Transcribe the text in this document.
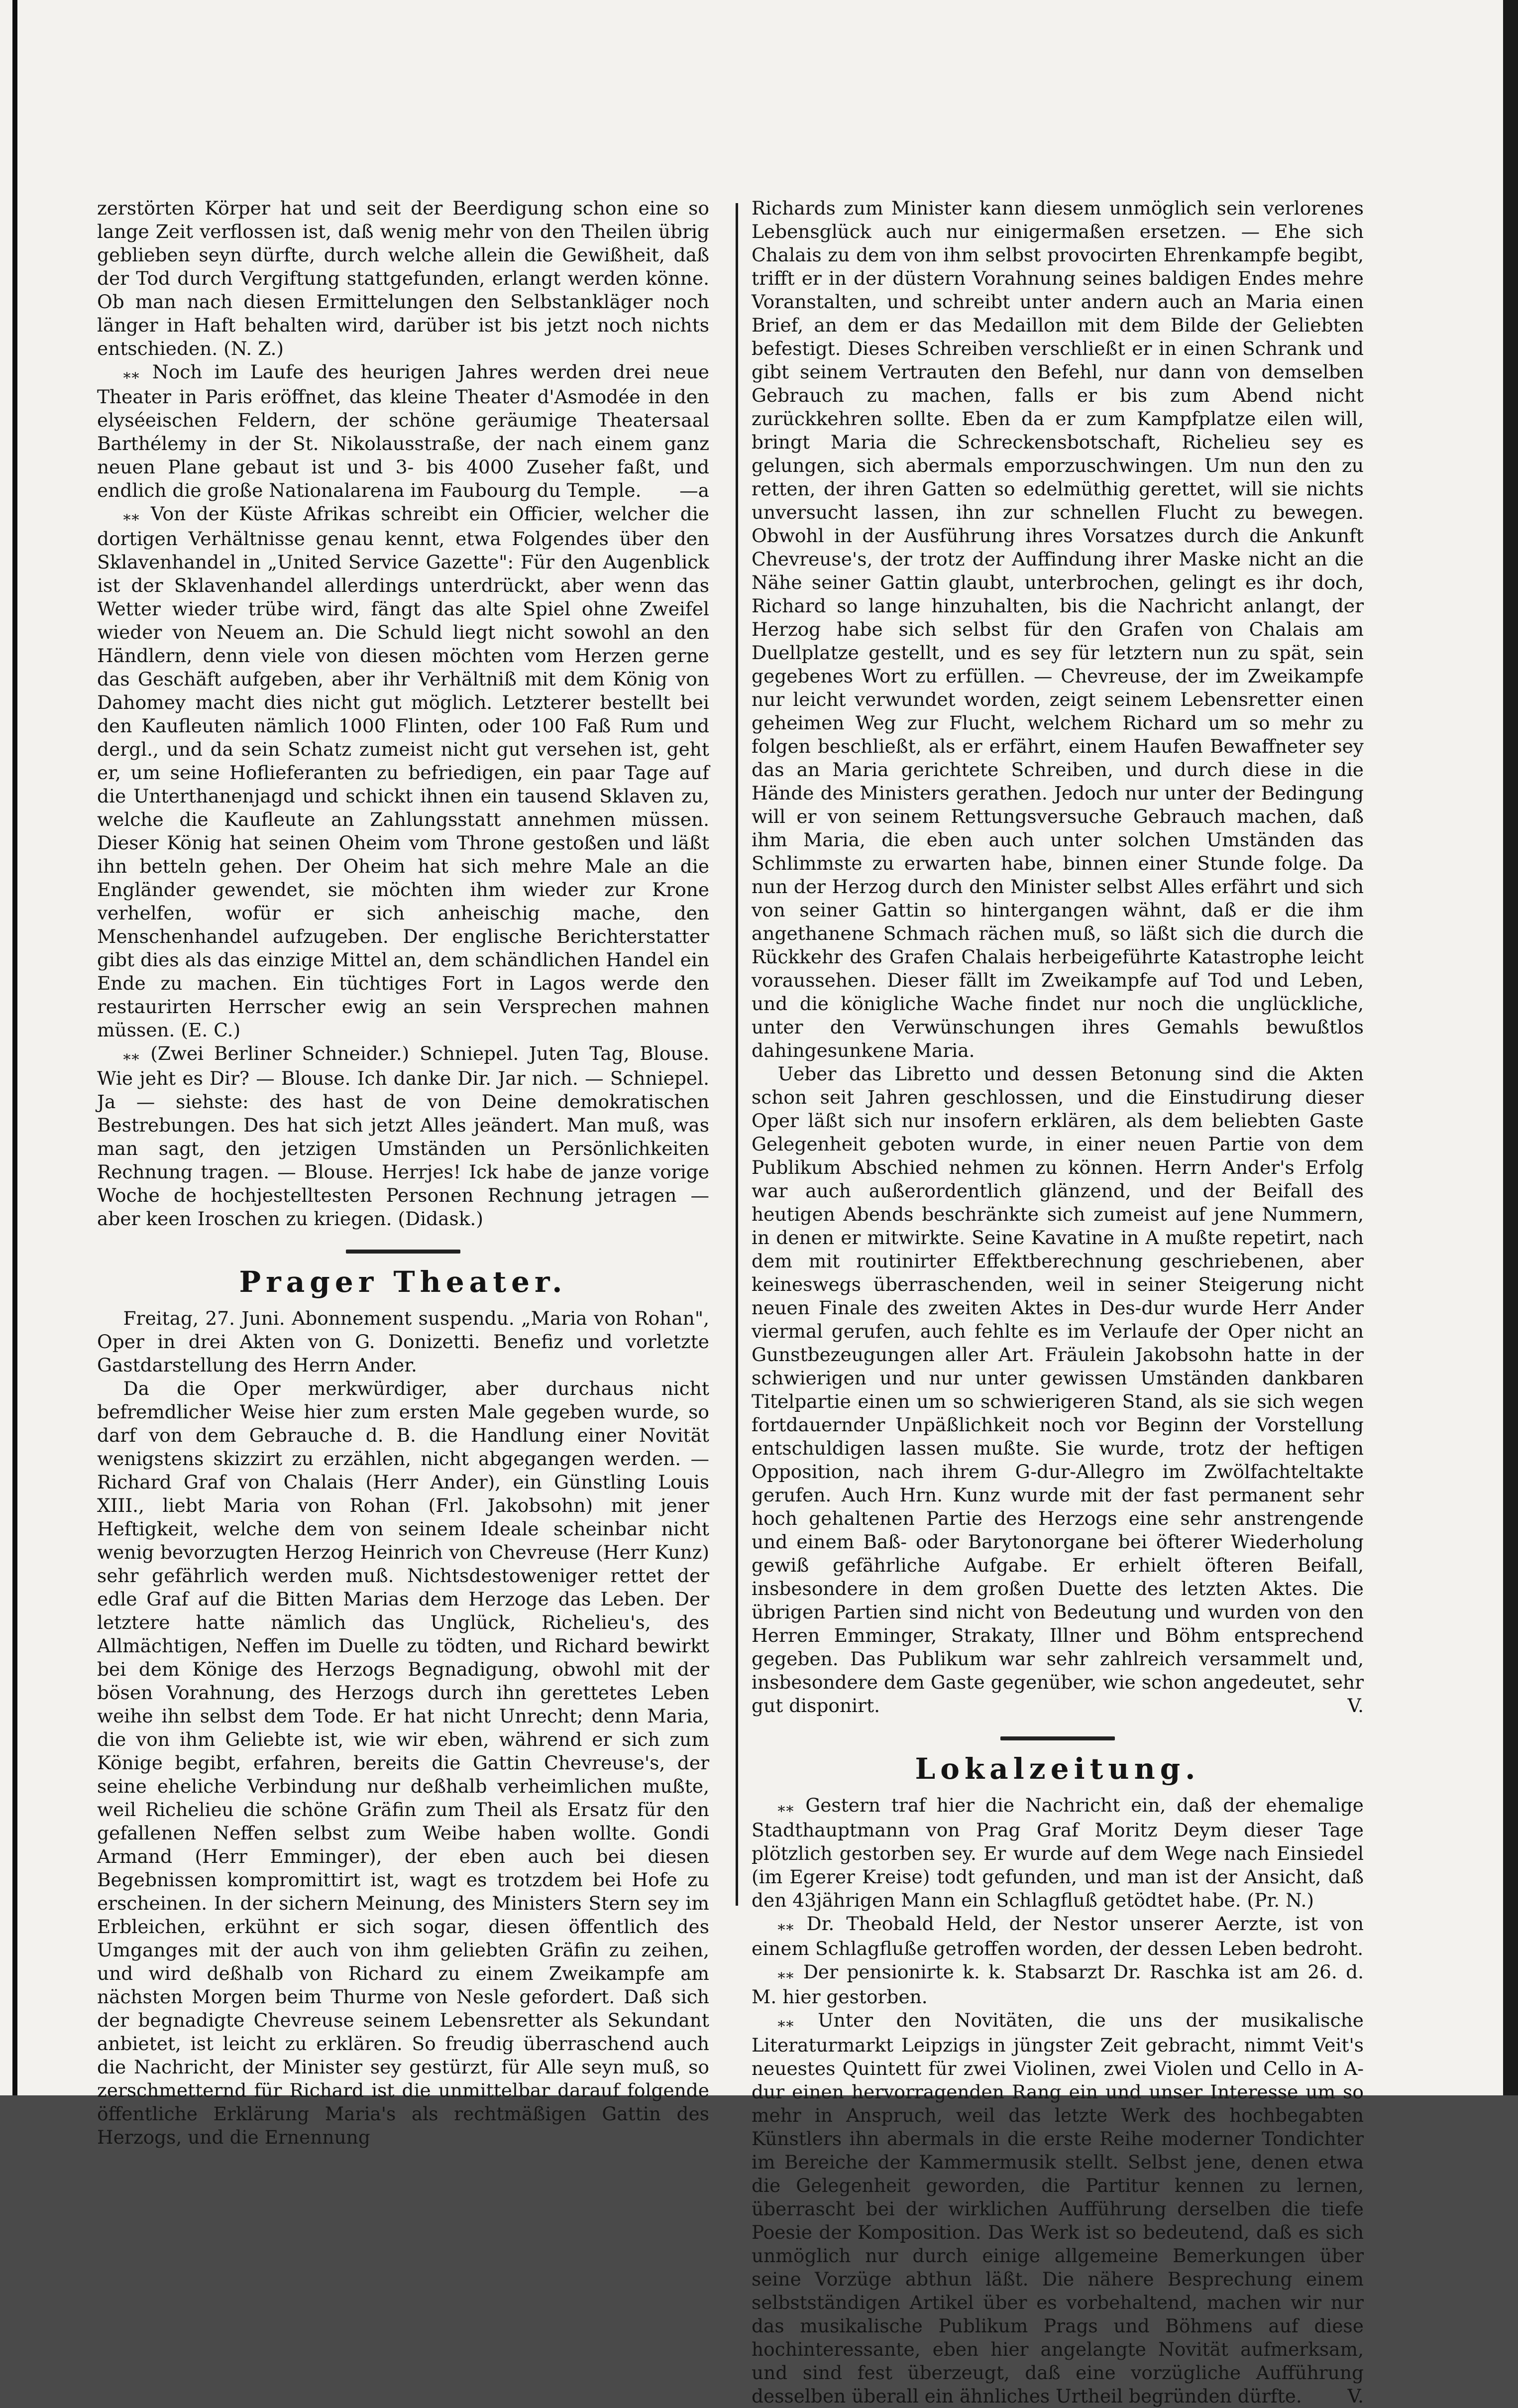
zerstörten Körper hat und seit der Beerdigung schon eine so lange Zeit verflossen ist, daß wenig mehr von den Theilen übrig geblieben seyn dürfte, durch welche allein die Gewißheit, daß der Tod durch Vergiftung stattgefunden, erlangt werden könne. Ob man nach diesen Ermittelungen den Selbstankläger noch länger in Haft behalten wird, darüber ist bis jetzt noch nichts entschieden. (N. Z.)

⁎⁎ Noch im Laufe des heurigen Jahres werden drei neue Theater in Paris eröffnet, das kleine Theater d'Asmodée in den elyséeischen Feldern, der schöne geräumige Theatersaal Barthélemy in der St. Nikolausstraße, der nach einem ganz neuen Plane gebaut ist und 3- bis 4000 Zuseher faßt, und endlich die große Nationalarena im Faubourg du Temple.	—a

⁎⁎ Von der Küste Afrikas schreibt ein Officier, welcher die dortigen Verhältnisse genau kennt, etwa Folgendes über den Sklavenhandel in „United Service Gazette": Für den Augenblick ist der Sklavenhandel allerdings unterdrückt, aber wenn das Wetter wieder trübe wird, fängt das alte Spiel ohne Zweifel wieder von Neuem an. Die Schuld liegt nicht sowohl an den Händlern, denn viele von diesen möchten vom Herzen gerne das Geschäft aufgeben, aber ihr Verhältniß mit dem König von Dahomey macht dies nicht gut möglich. Letzterer bestellt bei den Kaufleuten nämlich 1000 Flinten, oder 100 Faß Rum und dergl., und da sein Schatz zumeist nicht gut versehen ist, geht er, um seine Hoflieferanten zu befriedigen, ein paar Tage auf die Unterthanenjagd und schickt ihnen ein tausend Sklaven zu, welche die Kaufleute an Zahlungsstatt annehmen müssen. Dieser König hat seinen Oheim vom Throne gestoßen und läßt ihn betteln gehen. Der Oheim hat sich mehre Male an die Engländer gewendet, sie möchten ihm wieder zur Krone verhelfen, wofür er sich anheischig mache, den Menschenhandel aufzugeben. Der englische Berichterstatter gibt dies als das einzige Mittel an, dem schändlichen Handel ein Ende zu machen. Ein tüchtiges Fort in Lagos werde den restaurirten Herrscher ewig an sein Versprechen mahnen müssen. (E. C.)

⁎⁎ (Zwei Berliner Schneider.) Schniepel. Juten Tag, Blouse. Wie jeht es Dir? — Blouse. Ich danke Dir. Jar nich. — Schniepel. Ja — siehste: des hast de von Deine demokratischen Bestrebungen. Des hat sich jetzt Alles jeändert. Man muß, was man sagt, den jetzigen Umständen un Persönlichkeiten Rechnung tragen. — Blouse. Herrjes! Ick habe de janze vorige Woche de hochjestelltesten Personen Rechnung jetragen — aber keen Iroschen zu kriegen. (Didask.)

Prager Theater.

Freitag, 27. Juni. Abonnement suspendu. „Maria von Rohan", Oper in drei Akten von G. Donizetti. Benefiz und vorletzte Gastdarstellung des Herrn Ander.

Da die Oper merkwürdiger, aber durchaus nicht befremdlicher Weise hier zum ersten Male gegeben wurde, so darf von dem Gebrauche d. B. die Handlung einer Novität wenigstens skizzirt zu erzählen, nicht abgegangen werden. — Richard Graf von Chalais (Herr Ander), ein Günstling Louis XIII., liebt Maria von Rohan (Frl. Jakobsohn) mit jener Heftigkeit, welche dem von seinem Ideale scheinbar nicht wenig bevorzugten Herzog Heinrich von Chevreuse (Herr Kunz) sehr gefährlich werden muß. Nichtsdestoweniger rettet der edle Graf auf die Bitten Marias dem Herzoge das Leben. Der letztere hatte nämlich das Unglück, Richelieu's, des Allmächtigen, Neffen im Duelle zu tödten, und Richard bewirkt bei dem Könige des Herzogs Begnadigung, obwohl mit der bösen Vorahnung, des Herzogs durch ihn gerettetes Leben weihe ihn selbst dem Tode. Er hat nicht Unrecht; denn Maria, die von ihm Geliebte ist, wie wir eben, während er sich zum Könige begibt, erfahren, bereits die Gattin Chevreuse's, der seine eheliche Verbindung nur deßhalb verheimlichen mußte, weil Richelieu die schöne Gräfin zum Theil als Ersatz für den gefallenen Neffen selbst zum Weibe haben wollte. Gondi Armand (Herr Emminger), der eben auch bei diesen Begebnissen kompromittirt ist, wagt es trotzdem bei Hofe zu erscheinen. In der sichern Meinung, des Ministers Stern sey im Erbleichen, erkühnt er sich sogar, diesen öffentlich des Umganges mit der auch von ihm geliebten Gräfin zu zeihen, und wird deßhalb von Richard zu einem Zweikampfe am nächsten Morgen beim Thurme von Nesle gefordert. Daß sich der begnadigte Chevreuse seinem Lebensretter als Sekundant anbietet, ist leicht zu erklären. So freudig überraschend auch die Nachricht, der Minister sey gestürzt, für Alle seyn muß, so zerschmetternd für Richard ist die unmittelbar darauf folgende öffentliche Erklärung Maria's als rechtmäßigen Gattin des Herzogs, und die Ernennung

Richards zum Minister kann diesem unmöglich sein verlorenes Lebensglück auch nur einigermaßen ersetzen. — Ehe sich Chalais zu dem von ihm selbst provocirten Ehrenkampfe begibt, trifft er in der düstern Vorahnung seines baldigen Endes mehre Voranstalten, und schreibt unter andern auch an Maria einen Brief, an dem er das Medaillon mit dem Bilde der Geliebten befestigt. Dieses Schreiben verschließt er in einen Schrank und gibt seinem Vertrauten den Befehl, nur dann von demselben Gebrauch zu machen, falls er bis zum Abend nicht zurückkehren sollte. Eben da er zum Kampfplatze eilen will, bringt Maria die Schreckensbotschaft, Richelieu sey es gelungen, sich abermals emporzuschwingen. Um nun den zu retten, der ihren Gatten so edelmüthig gerettet, will sie nichts unversucht lassen, ihn zur schnellen Flucht zu bewegen. Obwohl in der Ausführung ihres Vorsatzes durch die Ankunft Chevreuse's, der trotz der Auffindung ihrer Maske nicht an die Nähe seiner Gattin glaubt, unterbrochen, gelingt es ihr doch, Richard so lange hinzuhalten, bis die Nachricht anlangt, der Herzog habe sich selbst für den Grafen von Chalais am Duellplatze gestellt, und es sey für letztern nun zu spät, sein gegebenes Wort zu erfüllen. — Chevreuse, der im Zweikampfe nur leicht verwundet worden, zeigt seinem Lebensretter einen geheimen Weg zur Flucht, welchem Richard um so mehr zu folgen beschließt, als er erfährt, einem Haufen Bewaffneter sey das an Maria gerichtete Schreiben, und durch diese in die Hände des Ministers gerathen. Jedoch nur unter der Bedingung will er von seinem Rettungsversuche Gebrauch machen, daß ihm Maria, die eben auch unter solchen Umständen das Schlimmste zu erwarten habe, binnen einer Stunde folge. Da nun der Herzog durch den Minister selbst Alles erfährt und sich von seiner Gattin so hintergangen wähnt, daß er die ihm angethanene Schmach rächen muß, so läßt sich die durch die Rückkehr des Grafen Chalais herbeigeführte Katastrophe leicht voraussehen. Dieser fällt im Zweikampfe auf Tod und Leben, und die königliche Wache findet nur noch die unglückliche, unter den Verwünschungen ihres Gemahls bewußtlos dahingesunkene Maria.

Ueber das Libretto und dessen Betonung sind die Akten schon seit Jahren geschlossen, und die Einstudirung dieser Oper läßt sich nur insofern erklären, als dem beliebten Gaste Gelegenheit geboten wurde, in einer neuen Partie von dem Publikum Abschied nehmen zu können. Herrn Ander's Erfolg war auch außerordentlich glänzend, und der Beifall des heutigen Abends beschränkte sich zumeist auf jene Nummern, in denen er mitwirkte. Seine Kavatine in A mußte repetirt, nach dem mit routinirter Effektberechnung geschriebenen, aber keineswegs überraschenden, weil in seiner Steigerung nicht neuen Finale des zweiten Aktes in Des-dur wurde Herr Ander viermal gerufen, auch fehlte es im Verlaufe der Oper nicht an Gunstbezeugungen aller Art. Fräulein Jakobsohn hatte in der schwierigen und nur unter gewissen Umständen dankbaren Titelpartie einen um so schwierigeren Stand, als sie sich wegen fortdauernder Unpäßlichkeit noch vor Beginn der Vorstellung entschuldigen lassen mußte. Sie wurde, trotz der heftigen Opposition, nach ihrem G-dur-Allegro im Zwölfachteltakte gerufen. Auch Hrn. Kunz wurde mit der fast permanent sehr hoch gehaltenen Partie des Herzogs eine sehr anstrengende und einem Baß- oder Barytonorgane bei öfterer Wiederholung gewiß gefährliche Aufgabe. Er erhielt öfteren Beifall, insbesondere in dem großen Duette des letzten Aktes. Die übrigen Partien sind nicht von Bedeutung und wurden von den Herren Emminger, Strakaty, Illner und Böhm entsprechend gegeben. Das Publikum war sehr zahlreich versammelt und, insbesondere dem Gaste gegenüber, wie schon angedeutet, sehr gut disponirt.	V.

Lokalzeitung.

⁎⁎ Gestern traf hier die Nachricht ein, daß der ehemalige Stadthauptmann von Prag Graf Moritz Deym dieser Tage plötzlich gestorben sey. Er wurde auf dem Wege nach Einsiedel (im Egerer Kreise) todt gefunden, und man ist der Ansicht, daß den 43jährigen Mann ein Schlagfluß getödtet habe. (Pr. N.)

⁎⁎ Dr. Theobald Held, der Nestor unserer Aerzte, ist von einem Schlagfluße getroffen worden, der dessen Leben bedroht.

⁎⁎ Der pensionirte k. k. Stabsarzt Dr. Raschka ist am 26. d. M. hier gestorben.

⁎⁎ Unter den Novitäten, die uns der musikalische Literaturmarkt Leipzigs in jüngster Zeit gebracht, nimmt Veit's neuestes Quintett für zwei Violinen, zwei Violen und Cello in A-dur einen hervorragenden Rang ein und unser Interesse um so mehr in Anspruch, weil das letzte Werk des hochbegabten Künstlers ihn abermals in die erste Reihe moderner Tondichter im Bereiche der Kammermusik stellt. Selbst jene, denen etwa die Gelegenheit geworden, die Partitur kennen zu lernen, überrascht bei der wirklichen Aufführung derselben die tiefe Poesie der Komposition. Das Werk ist so bedeutend, daß es sich unmöglich nur durch einige allgemeine Bemerkungen über seine Vorzüge abthun läßt. Die nähere Besprechung einem selbstständigen Artikel über es vorbehaltend, machen wir nur das musikalische Publikum Prags und Böhmens auf diese hochinteressante, eben hier angelangte Novität aufmerksam, und sind fest überzeugt, daß eine vorzügliche Aufführung desselben überall ein ähnliches Urtheil begründen dürfte.	V.
